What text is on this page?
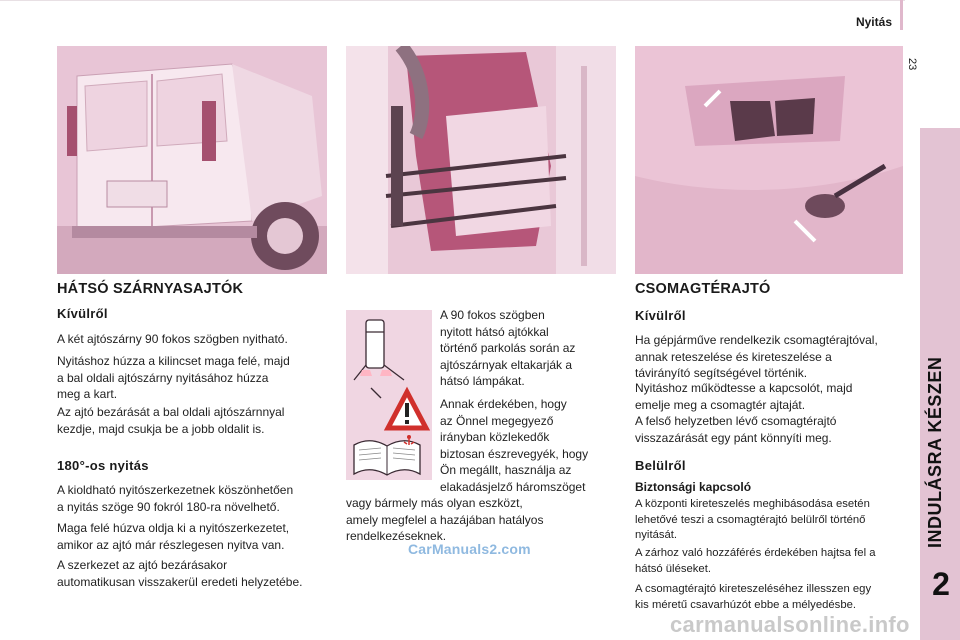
Nyitás
23
INDULÁSRA KÉSZEN
2
HÁTSÓ SZÁRNYASAJTÓK
Kívülről
A két ajtószárny 90 fokos szögben nyitható.
Nyitáshoz húzza a kilincset maga felé, majd
a bal oldali ajtószárny nyitásához húzza
meg a kart.
Az ajtó bezárását a bal oldali ajtószárnnyal
kezdje, majd csukja be a jobb oldalit is.
180°-os nyitás
A kioldható nyitószerkezetnek köszönhetően
a nyitás szöge 90 fokról 180-ra növelhető.
Maga felé húzva oldja ki a nyitószerkezetet,
amikor az ajtó már részlegesen nyitva van.
A szerkezet az ajtó bezárásakor
automatikusan visszakerül eredeti helyzetébe.
A 90 fokos szögben
nyitott hátsó ajtókkal
történő parkolás során az
ajtószárnyak eltakarják a
hátsó lámpákat.
Annak érdekében, hogy
az Önnel megegyező
irányban közlekedők
biztosan észrevegyék, hogy
Ön megállt, használja az
elakadásjelző háromszöget
vagy bármely más olyan eszközt,
amely megfelel a hazájában hatályos
rendelkezéseknek.
CarManuals2.com
CSOMAGTÉRAJTÓ
Kívülről
Ha gépjárműve rendelkezik csomagtérajtóval,
annak reteszelése és kireteszelése a
távirányító segítségével történik.
Nyitáshoz működtesse a kapcsolót, majd
emelje meg a csomagtér ajtaját.
A felső helyzetben lévő csomagtérajtó
visszazárását egy pánt könnyíti meg.
Belülről
Biztonsági kapcsoló
A központi kireteszelés meghibásodása esetén
lehetővé teszi a csomagtérajtó belülről történő
nyitását.
A zárhoz való hozzáférés érdekében hajtsa fel a
hátsó üléseket.
A csomagtérajtó kireteszeléséhez illesszen egy
kis méretű csavarhúzót ebbe a mélyedésbe.
carmanualsonline.info
